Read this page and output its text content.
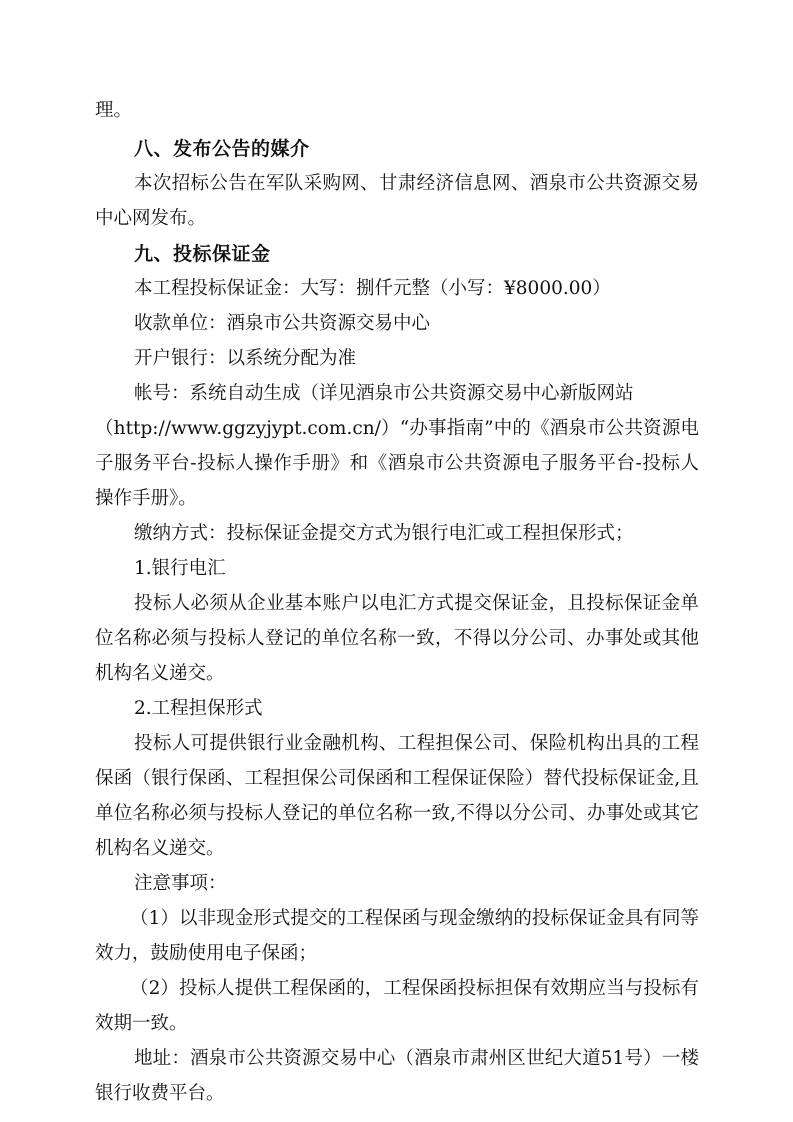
理。

八、发布公告的媒介

本次招标公告在军队采购网、甘肃经济信息网、酒泉市公共资源交易

中心网发布。

九、投标保证金

本工程投标保证金：大写：捌仟元整（小写：¥8000.00）

收款单位：酒泉市公共资源交易中心

开户银行：以系统分配为准

帐号：系统自动生成（详见酒泉市公共资源交易中心新版网站

（http://www.ggzyjypt.com.cn/）“办事指南”中的《酒泉市公共资源电

子服务平台-投标人操作手册》和《酒泉市公共资源电子服务平台-投标人

操作手册》。

缴纳方式：投标保证金提交方式为银行电汇或工程担保形式；

1.银行电汇

投标人必须从企业基本账户以电汇方式提交保证金，且投标保证金单

位名称必须与投标人登记的单位名称一致，不得以分公司、办事处或其他

机构名义递交。

2.工程担保形式

投标人可提供银行业金融机构、工程担保公司、保险机构出具的工程

保函（银行保函、工程担保公司保函和工程保证保险）替代投标保证金,且

单位名称必须与投标人登记的单位名称一致,不得以分公司、办事处或其它

机构名义递交。

注意事项：

（1）以非现金形式提交的工程保函与现金缴纳的投标保证金具有同等

效力，鼓励使用电子保函；

（2）投标人提供工程保函的，工程保函投标担保有效期应当与投标有

效期一致。

地址：酒泉市公共资源交易中心（酒泉市肃州区世纪大道51号）一楼

银行收费平台。
